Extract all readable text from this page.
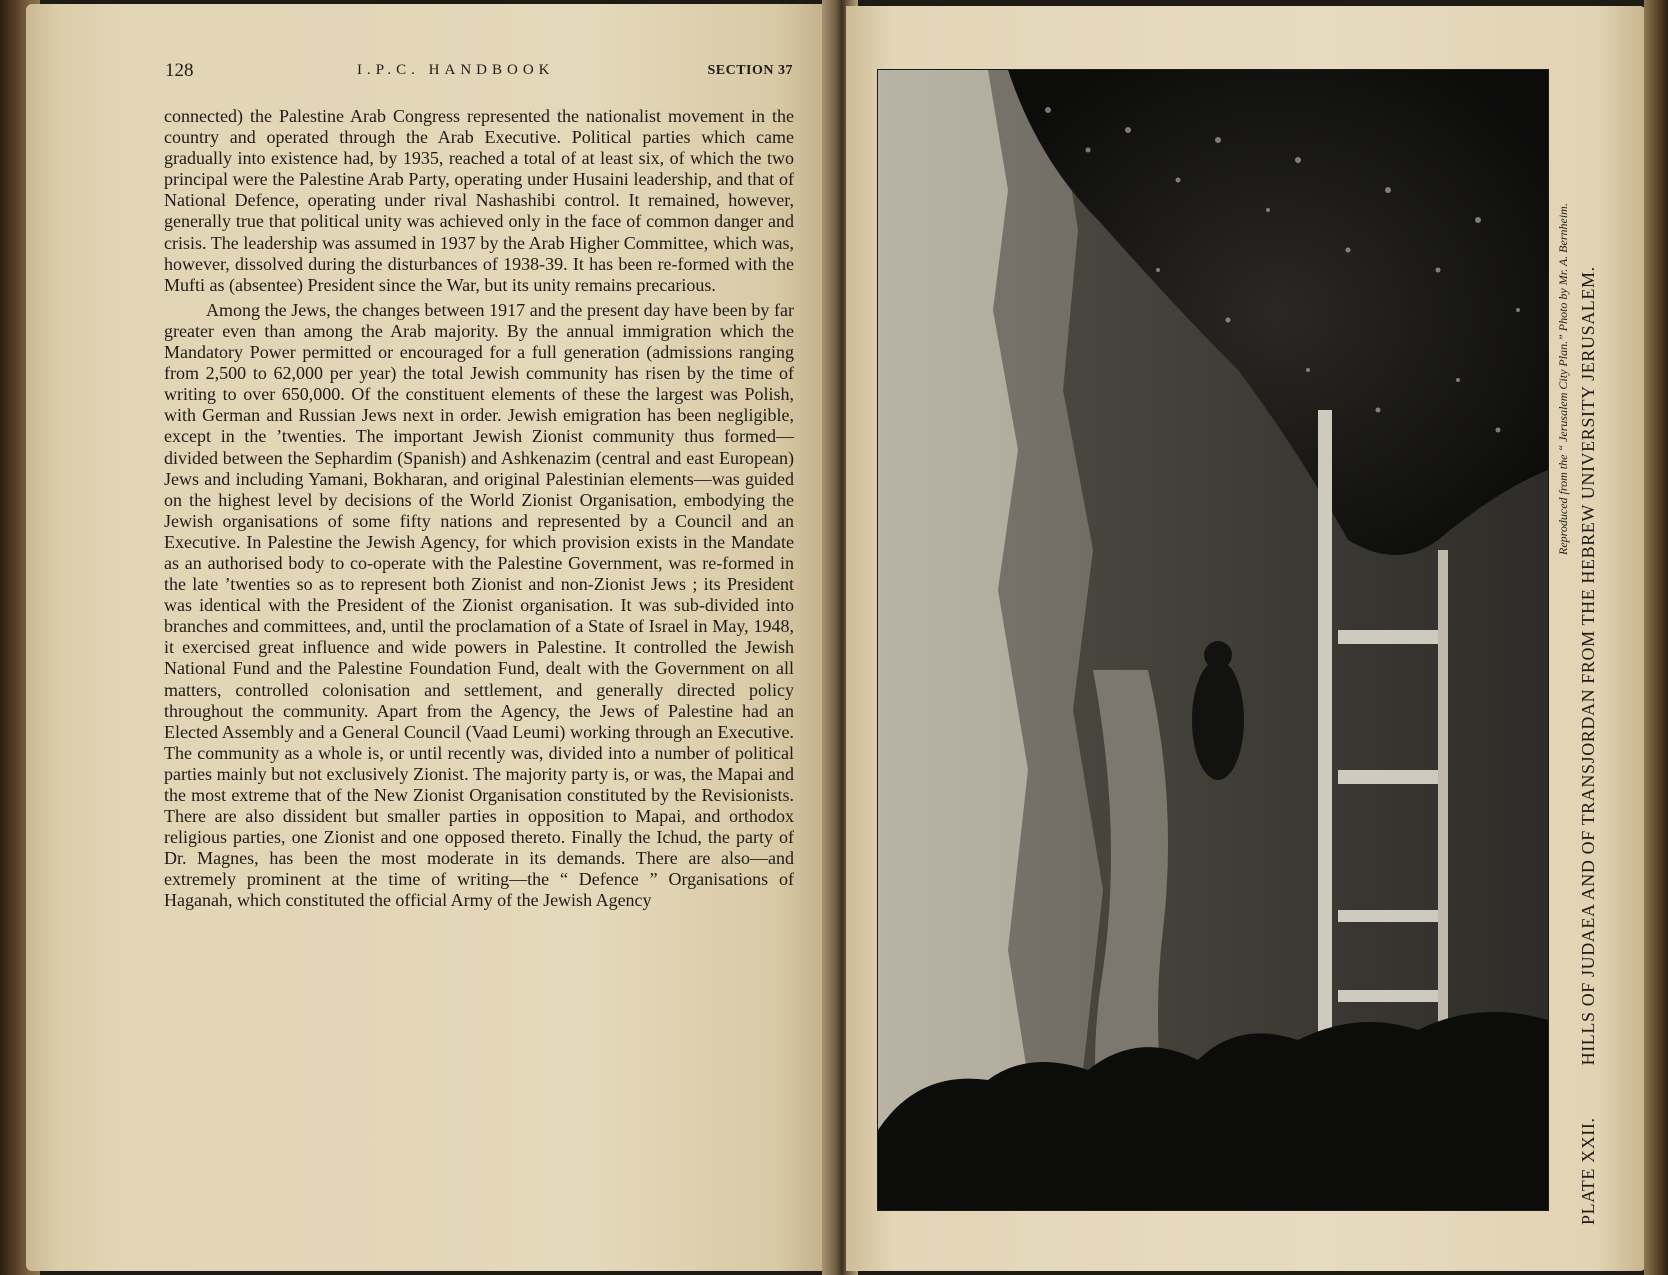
128	I.P.C. HANDBOOK	SECTION 37

connected) the Palestine Arab Congress represented the nationalist movement in the country and operated through the Arab Executive. Political parties which came gradually into existence had, by 1935, reached a total of at least six, of which the two principal were the Palestine Arab Party, operating under Husaini leadership, and that of National Defence, operating under rival Nashashibi control. It remained, however, generally true that political unity was achieved only in the face of common danger and crisis. The leadership was assumed in 1937 by the Arab Higher Committee, which was, however, dissolved during the disturbances of 1938-39. It has been re-formed with the Mufti as (absentee) President since the War, but its unity remains precarious.

Among the Jews, the changes between 1917 and the present day have been by far greater even than among the Arab majority. By the annual immigration which the Mandatory Power permitted or encouraged for a full generation (admissions ranging from 2,500 to 62,000 per year) the total Jewish community has risen by the time of writing to over 650,000. Of the constituent elements of these the largest was Polish, with German and Russian Jews next in order. Jewish emigration has been negligible, except in the ’twenties. The important Jewish Zionist community thus formed—divided between the Sephardim (Spanish) and Ashkenazim (central and east European) Jews and including Yamani, Bokharan, and original Palestinian elements—was guided on the highest level by decisions of the World Zionist Organisation, embodying the Jewish organisations of some fifty nations and represented by a Council and an Executive. In Palestine the Jewish Agency, for which provision exists in the Mandate as an authorised body to co-operate with the Palestine Government, was re-formed in the late ’twenties so as to represent both Zionist and non-Zionist Jews ; its President was identical with the President of the Zionist organisation. It was sub-divided into branches and committees, and, until the proclamation of a State of Israel in May, 1948, it exercised great influence and wide powers in Palestine. It controlled the Jewish National Fund and the Palestine Foundation Fund, dealt with the Government on all matters, controlled colonisation and settlement, and generally directed policy throughout the community. Apart from the Agency, the Jews of Palestine had an Elected Assembly and a General Council (Vaad Leumi) working through an Executive. The community as a whole is, or until recently was, divided into a number of political parties mainly but not exclusively Zionist. The majority party is, or was, the Mapai and the most extreme that of the New Zionist Organisation constituted by the Revisionists. There are also dissident but smaller parties in opposition to Mapai, and orthodox religious parties, one Zionist and one opposed thereto. Finally the Ichud, the party of Dr. Magnes, has been the most moderate in its demands. There are also—and extremely prominent at the time of writing—the “ Defence ” Organisations of Haganah, which constituted the official Army of the Jewish Agency

PLATE XXII.HILLS OF JUDAEA AND OF TRANSJORDAN FROM THE HEBREW UNIVERSITY JERUSALEM.
Reproduced from the “ Jerusalem City Plan.” Photo by Mr. A. Bernheim.
